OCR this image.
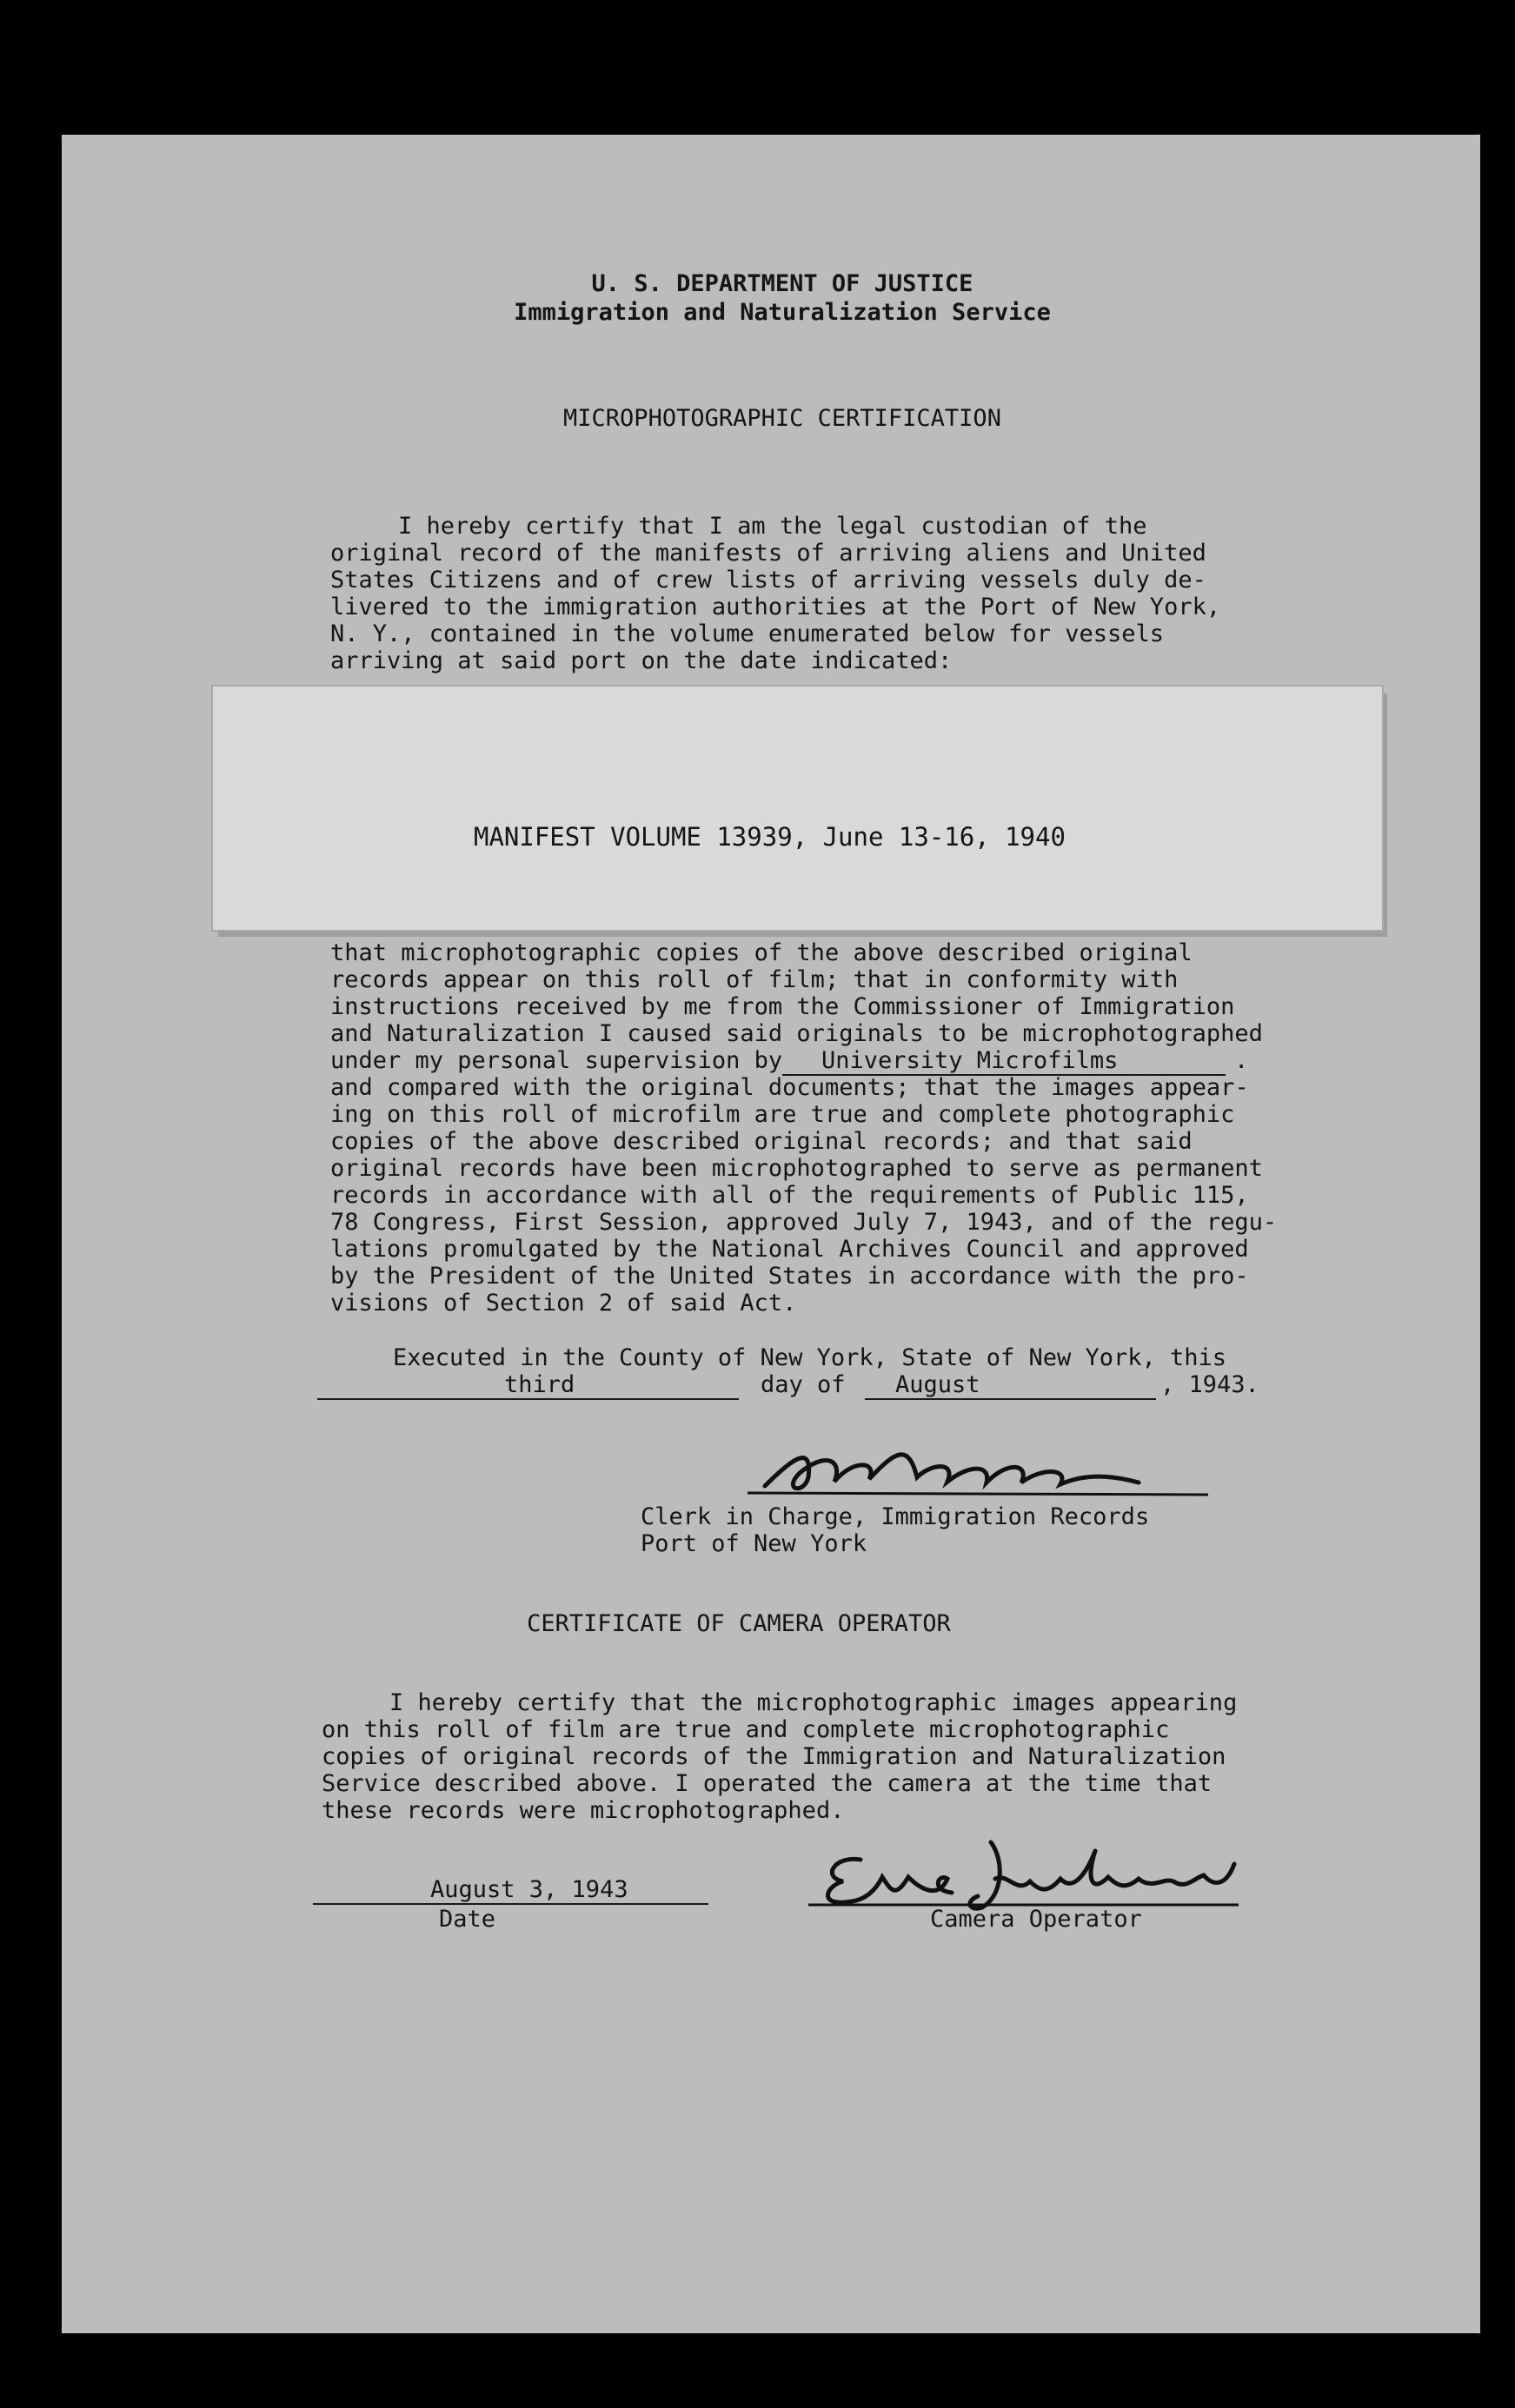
U. S. DEPARTMENT OF JUSTICE
Immigration and Naturalization Service
MICROPHOTOGRAPHIC CERTIFICATION
I hereby certify that I am the legal custodian of the
original record of the manifests of arriving aliens and United
States Citizens and of crew lists of arriving vessels duly de-
livered to the immigration authorities at the Port of New York,
N. Y., contained in the volume enumerated below for vessels
arriving at said port on the date indicated:
MANIFEST VOLUME 13939, June 13-16, 1940
that microphotographic copies of the above described original
records appear on this roll of film; that in conformity with
instructions received by me from the Commissioner of Immigration
and Naturalization I caused said originals to be microphotographed
under my personal supervision by University Microfilms	.
and compared with the original documents; that the images appear-
ing on this roll of microfilm are true and complete photographic
copies of the above described original records; and that said
original records have been microphotographed to serve as permanent
records in accordance with all of the requirements of Public 115,
78 Congress, First Session, approved July 7, 1943, and of the regu-
lations promulgated by the National Archives Council and approved
by the President of the United States in accordance with the pro-
visions of Section 2 of said Act.
Executed in the County of New York, State of New York, this
third	day of August	, 1943.
Clerk in Charge, Immigration Records
Port of New York
CERTIFICATE OF CAMERA OPERATOR
I hereby certify that the microphotographic images appearing
on this roll of film are true and complete microphotographic
copies of original records of the Immigration and Naturalization
Service described above. I operated the camera at the time that
these records were microphotographed.
August 3, 1943
Date	Camera Operator
